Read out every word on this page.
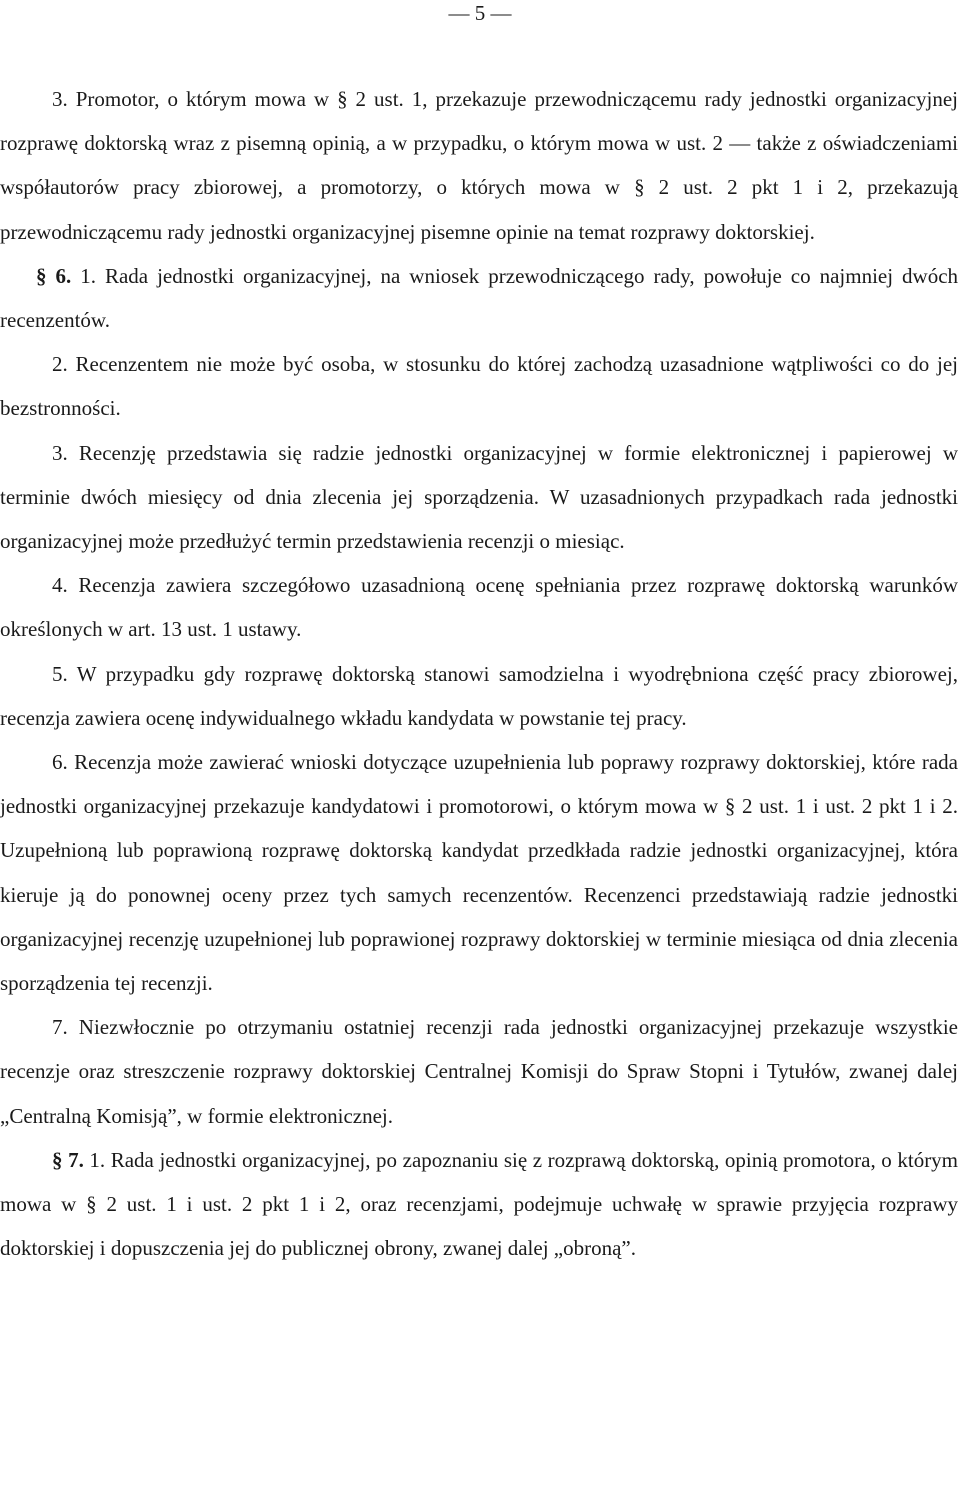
— 5 —

3. Promotor, o którym mowa w § 2 ust. 1, przekazuje przewodniczącemu rady jednostki organizacyjnej rozprawę doktorską wraz z pisemną opinią, a w przypadku, o którym mowa w ust. 2 — także z oświadczeniami współautorów pracy zbiorowej, a promotorzy, o których mowa w § 2 ust. 2 pkt 1 i 2, przekazują przewodniczącemu rady jednostki organizacyjnej pisemne opinie na temat rozprawy doktorskiej.

§ 6. 1. Rada jednostki organizacyjnej, na wniosek przewodniczącego rady, powołuje co najmniej dwóch recenzentów.

2. Recenzentem nie może być osoba, w stosunku do której zachodzą uzasadnione wątpliwości co do jej bezstronności.

3. Recenzję przedstawia się radzie jednostki organizacyjnej w formie elektronicznej i papierowej w terminie dwóch miesięcy od dnia zlecenia jej sporządzenia. W uzasadnionych przypadkach rada jednostki organizacyjnej może przedłużyć termin przedstawienia recenzji o miesiąc.

4. Recenzja zawiera szczegółowo uzasadnioną ocenę spełniania przez rozprawę doktorską warunków określonych w art. 13 ust. 1 ustawy.

5. W przypadku gdy rozprawę doktorską stanowi samodzielna i wyodrębniona część pracy zbiorowej, recenzja zawiera ocenę indywidualnego wkładu kandydata w powstanie tej pracy.

6. Recenzja może zawierać wnioski dotyczące uzupełnienia lub poprawy rozprawy doktorskiej, które rada jednostki organizacyjnej przekazuje kandydatowi i promotorowi, o którym mowa w § 2 ust. 1 i ust. 2 pkt 1 i 2. Uzupełnioną lub poprawioną rozprawę doktorską kandydat przedkłada radzie jednostki organizacyjnej, która kieruje ją do ponownej oceny przez tych samych recenzentów. Recenzenci przedstawiają radzie jednostki organizacyjnej recenzję uzupełnionej lub poprawionej rozprawy doktorskiej w terminie miesiąca od dnia zlecenia sporządzenia tej recenzji.

7. Niezwłocznie po otrzymaniu ostatniej recenzji rada jednostki organizacyjnej przekazuje wszystkie recenzje oraz streszczenie rozprawy doktorskiej Centralnej Komisji do Spraw Stopni i Tytułów, zwanej dalej „Centralną Komisją”, w formie elektronicznej.

§ 7. 1. Rada jednostki organizacyjnej, po zapoznaniu się z rozprawą doktorską, opinią promotora, o którym mowa w § 2 ust. 1 i ust. 2 pkt 1 i 2, oraz recenzjami, podejmuje uchwałę w sprawie przyjęcia rozprawy doktorskiej i dopuszczenia jej do publicznej obrony, zwanej dalej „obroną”.
